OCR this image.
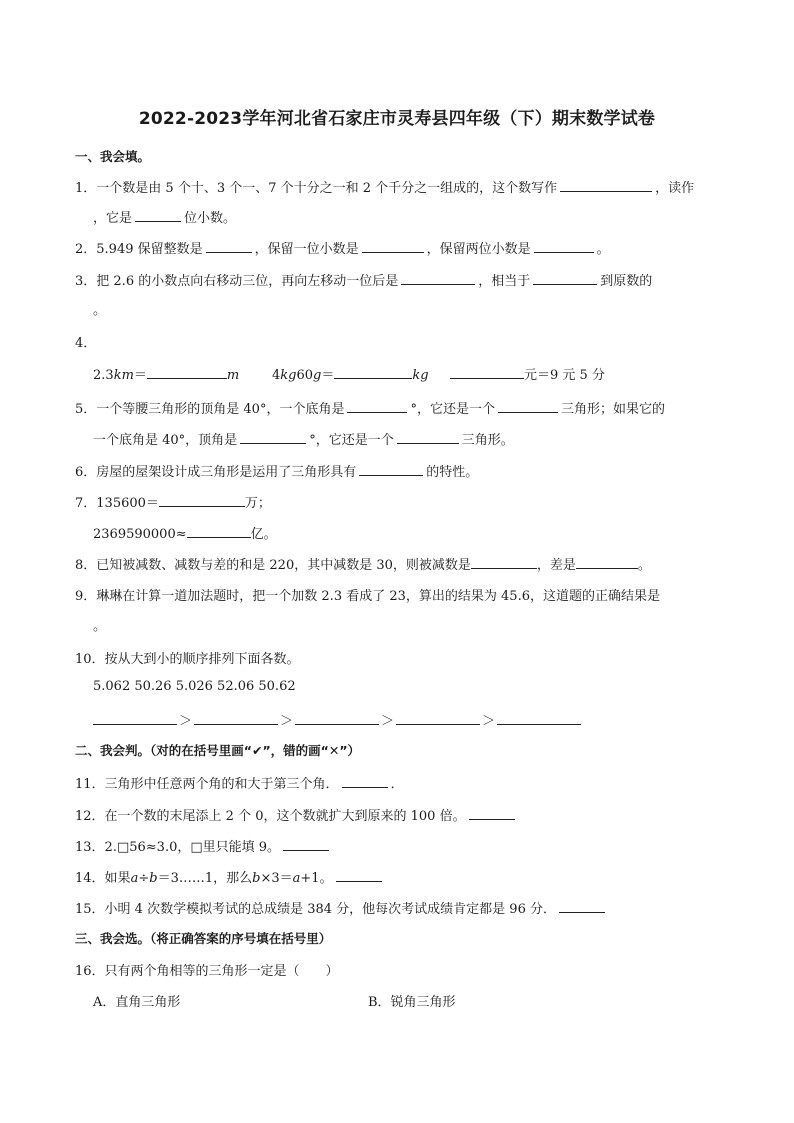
2022-2023学年河北省石家庄市灵寿县四年级（下）期末数学试卷
一、我会填。
1．一个数是由 5 个十、3 个一、7 个十分之一和 2 个千分之一组成的，这个数写作	，读作
，它是	位小数。
2．5.949 保留整数是	，保留一位小数是	，保留两位小数是	。
3．把 2.6 的小数点向右移动三位，再向左移动一位后是	，相当于	到原数的
。
4．
2.3km＝	m	4kg60g＝	kg	元＝9 元 5 分
5．一个等腰三角形的顶角是 40°，一个底角是	°，它还是一个	三角形；如果它的
一个底角是 40°，顶角是	°，它还是一个	三角形。
6．房屋的屋架设计成三角形是运用了三角形具有	的特性。
7．135600＝	万；
2369590000≈	亿。
8．已知被减数、减数与差的和是 220，其中减数是 30，则被减数是	，差是	。
9．琳琳在计算一道加法题时，把一个加数 2.3 看成了 23，算出的结果为 45.6，这道题的正确结果是
。
10．按从大到小的顺序排列下面各数。
5.062 50.26 5.026 52.06 50.62
＞	＞	＞	＞
二、我会判。（对的在括号里画“✔”，错的画“✕”）
11．三角形中任意两个角的和大于第三个角．	．
12．在一个数的末尾添上 2 个 0，这个数就扩大到原来的 100 倍。
13．2.□56≈3.0，□里只能填 9。
14．如果a÷b＝3……1，那么b×3＝a+1。
15．小明 4 次数学模拟考试的总成绩是 384 分，他每次考试成绩肯定都是 96 分．
三、我会选。（将正确答案的序号填在括号里）
16．只有两个角相等的三角形一定是（　　）
A．直角三角形	B．锐角三角形
